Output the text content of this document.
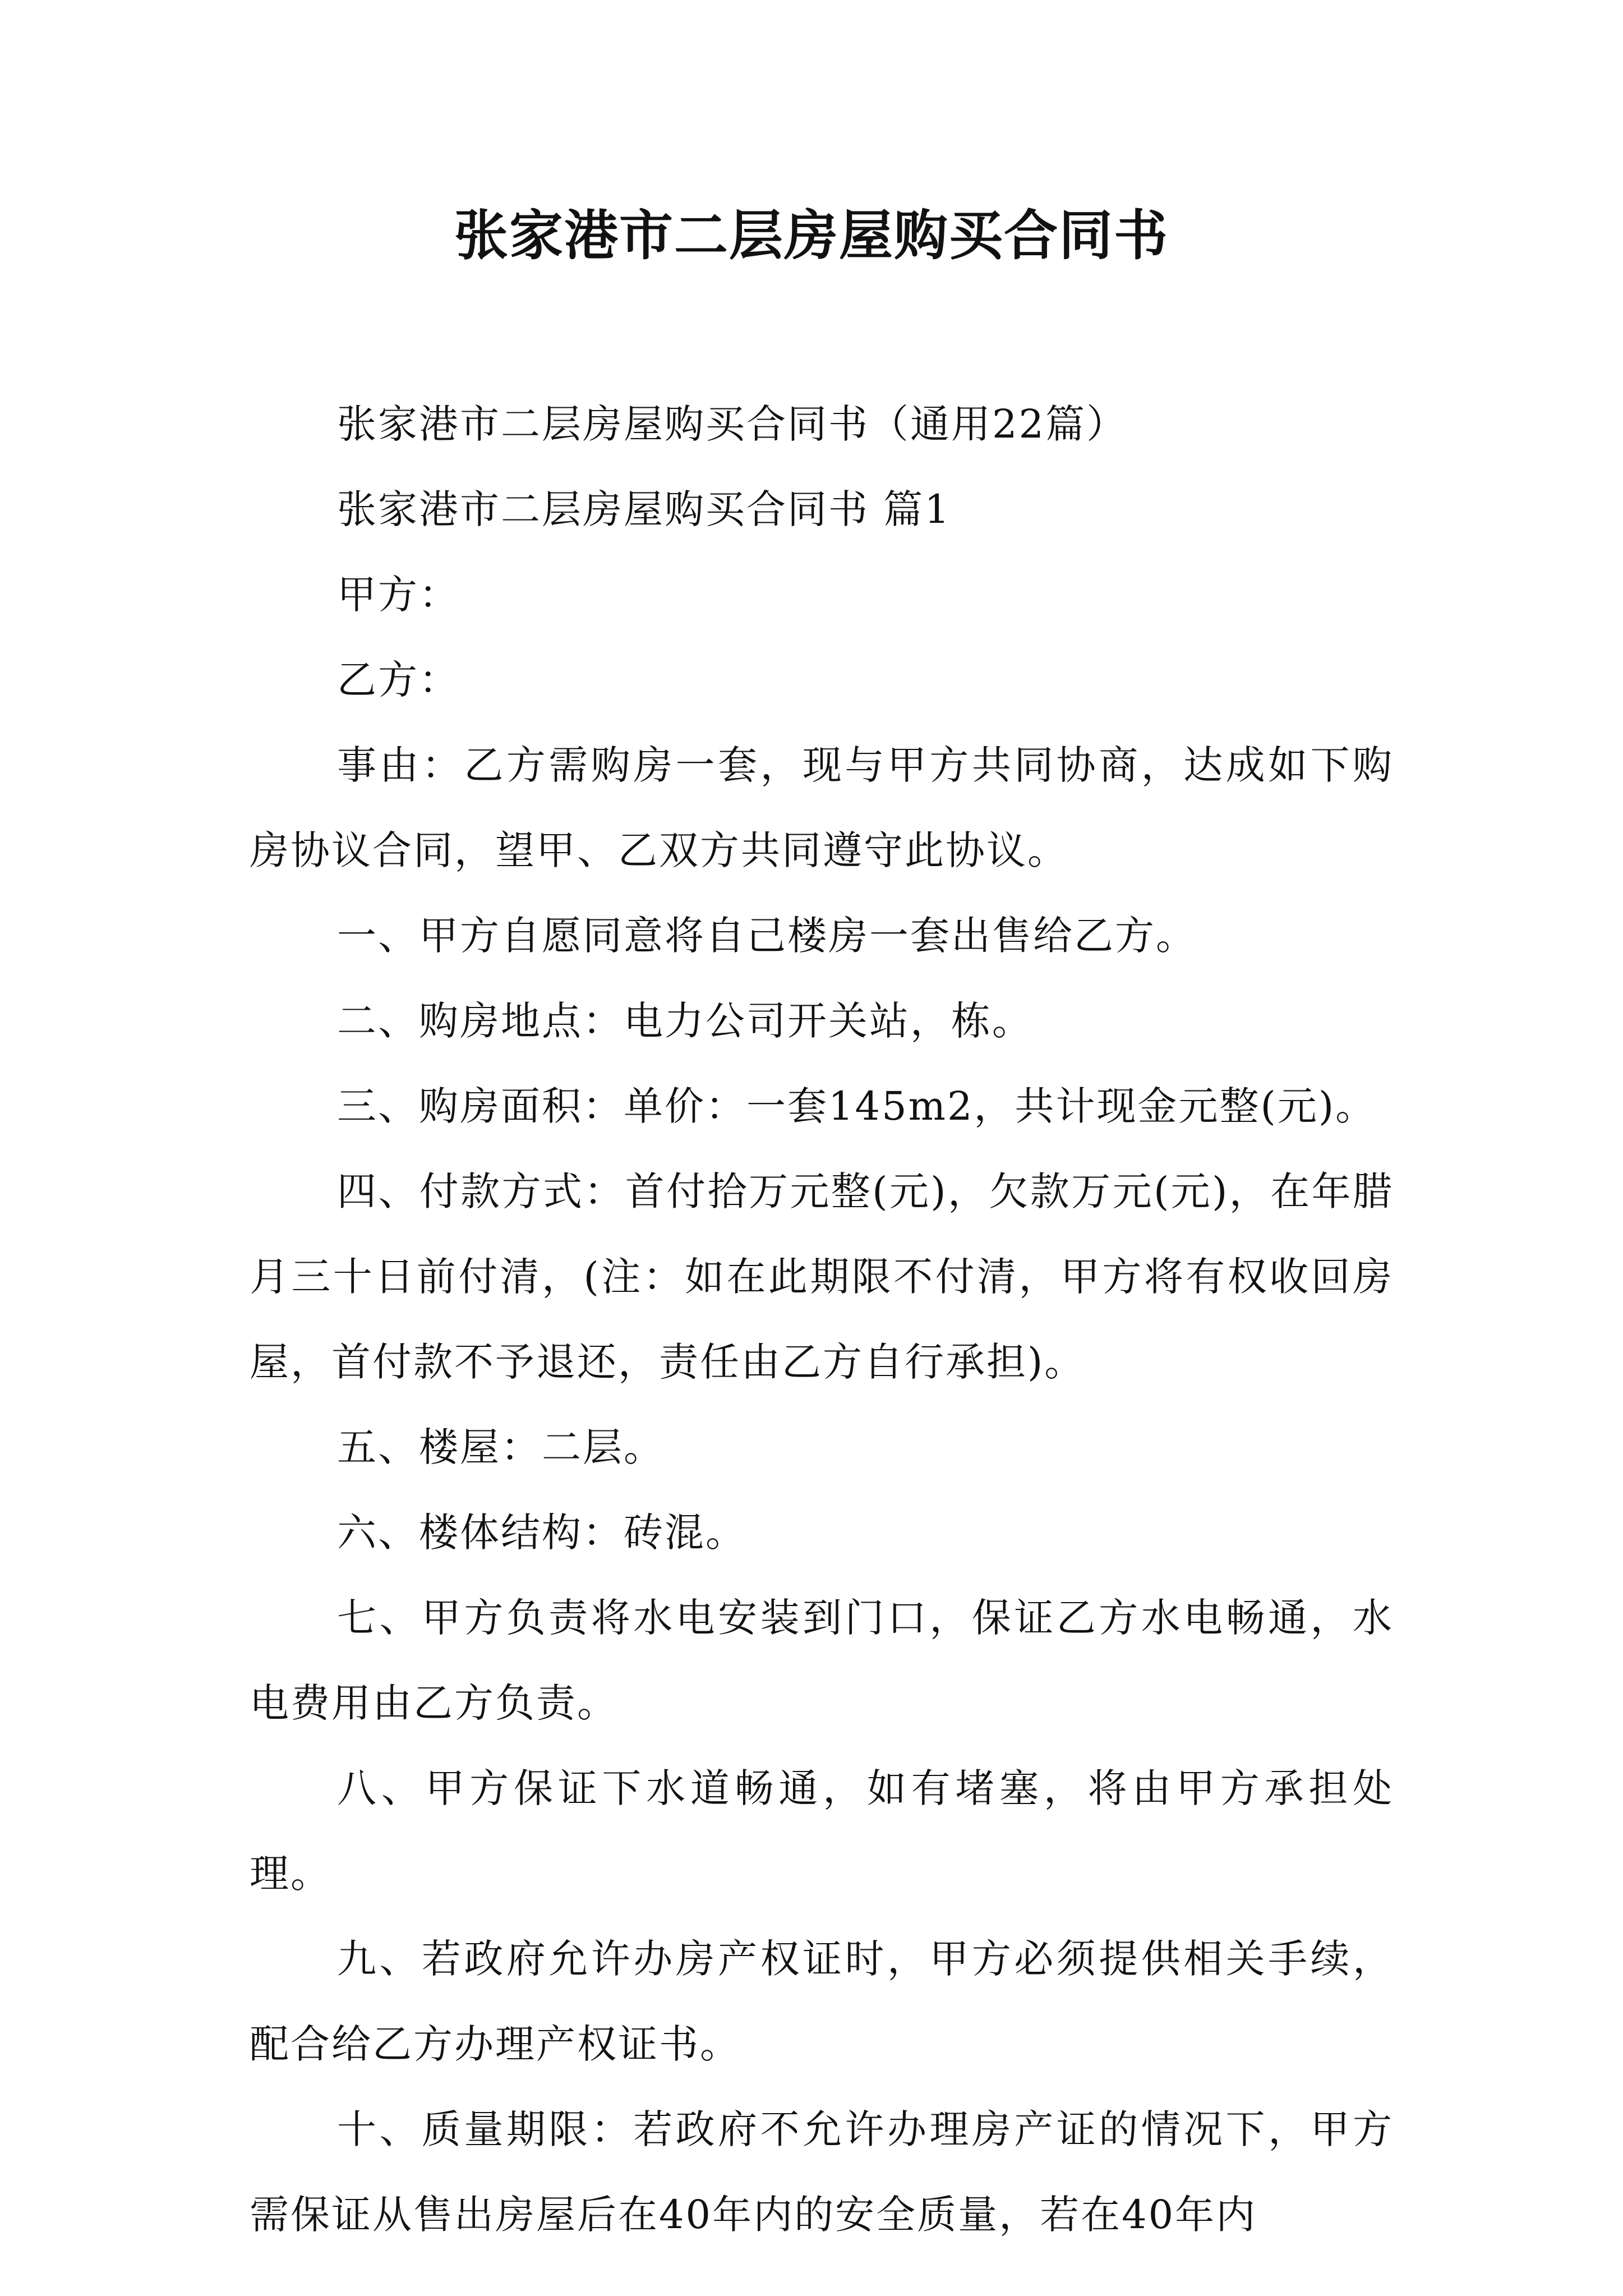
张家港市二层房屋购买合同书

张家港市二层房屋购买合同书（通用22篇）

张家港市二层房屋购买合同书 篇1

甲方：

乙方：

事由：乙方需购房一套，现与甲方共同协商，达成如下购房协议合同，望甲、乙双方共同遵守此协议。

一、甲方自愿同意将自己楼房一套出售给乙方。

二、购房地点：电力公司开关站，栋。

三、购房面积：单价：一套145m2，共计现金元整(元)。

四、付款方式：首付拾万元整(元)，欠款万元(元)，在年腊月三十日前付清，(注：如在此期限不付清，甲方将有权收回房屋，首付款不予退还，责任由乙方自行承担)。

五、楼屋：二层。

六、楼体结构：砖混。

七、甲方负责将水电安装到门口，保证乙方水电畅通，水电费用由乙方负责。

八、甲方保证下水道畅通，如有堵塞，将由甲方承担处理。

九、若政府允许办房产权证时，甲方必须提供相关手续，配合给乙方办理产权证书。

十、质量期限：若政府不允许办理房产证的情况下，甲方需保证从售出房屋后在40年内的安全质量，若在40年内
